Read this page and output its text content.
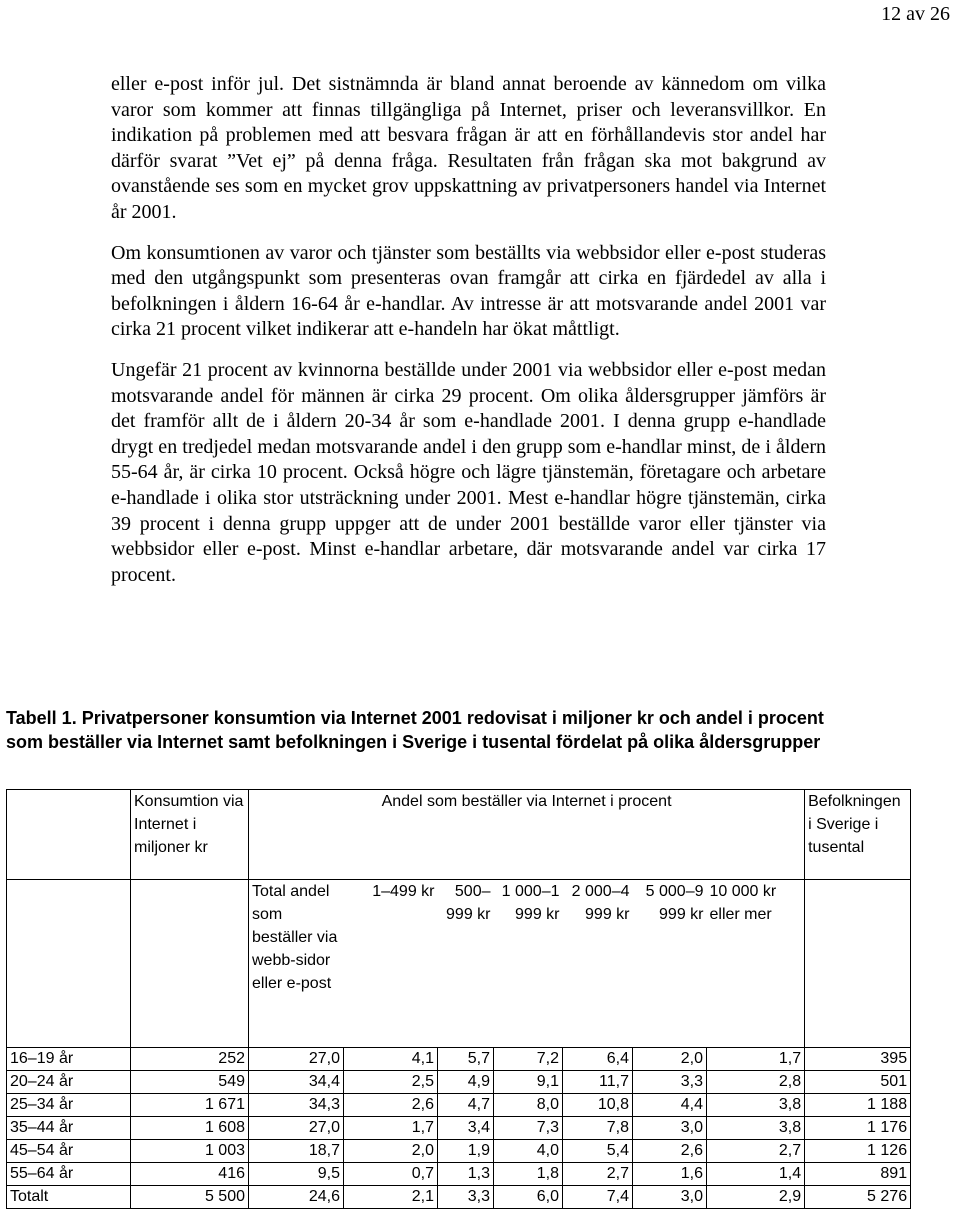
12 av 26

eller e-post inför jul. Det sistnämnda är bland annat beroende av kännedom om vilka varor som kommer att finnas tillgängliga på Internet, priser och leveransvillkor. En indikation på problemen med att besvara frågan är att en förhållandevis stor andel har därför svarat ”Vet ej” på denna fråga. Resultaten från frågan ska mot bakgrund av ovanstående ses som en mycket grov uppskattning av privatpersoners handel via Internet år 2001.

Om konsumtionen av varor och tjänster som beställts via webbsidor eller e-post studeras med den utgångspunkt som presenteras ovan framgår att cirka en fjärdedel av alla i befolkningen i åldern 16-64 år e-handlar. Av intresse är att motsvarande andel 2001 var cirka 21 procent vilket indikerar att e-handeln har ökat måttligt.

Ungefär 21 procent av kvinnorna beställde under 2001 via webbsidor eller e-post medan motsvarande andel för männen är cirka 29 procent. Om olika åldersgrupper jämförs är det framför allt de i åldern 20-34 år som e-handlade 2001. I denna grupp e-handlade drygt en tredjedel medan motsvarande andel i den grupp som e-handlar minst, de i åldern 55-64 år, är cirka 10 procent. Också högre och lägre tjänstemän, företagare och arbetare e-handlade i olika stor utsträckning under 2001. Mest e-handlar högre tjänstemän, cirka 39 procent i denna grupp uppger att de under 2001 beställde varor eller tjänster via webbsidor eller e-post. Minst e-handlar arbetare, där motsvarande andel var cirka 17 procent.

Tabell 1. Privatpersoner konsumtion via Internet 2001 redovisat i miljoner kr och andel i procent som beställer via Internet samt befolkningen i Sverige i tusental fördelat på olika åldersgrupper

	Konsumtion via Internet i miljoner kr	Andel som beställer via Internet i procent							Befolkningen i Sverige i tusental
		Total andel som beställer via webb-sidor eller e-post	1–499 kr	500–999 kr	1 000–1 999 kr	2 000–4 999 kr	5 000–9 999 kr	10 000 kr eller mer	
16–19 år	252	27,0	4,1	5,7	7,2	6,4	2,0	1,7	395
20–24 år	549	34,4	2,5	4,9	9,1	11,7	3,3	2,8	501
25–34 år	1 671	34,3	2,6	4,7	8,0	10,8	4,4	3,8	1 188
35–44 år	1 608	27,0	1,7	3,4	7,3	7,8	3,0	3,8	1 176
45–54 år	1 003	18,7	2,0	1,9	4,0	5,4	2,6	2,7	1 126
55–64 år	416	9,5	0,7	1,3	1,8	2,7	1,6	1,4	891
Totalt	5 500	24,6	2,1	3,3	6,0	7,4	3,0	2,9	5 276
